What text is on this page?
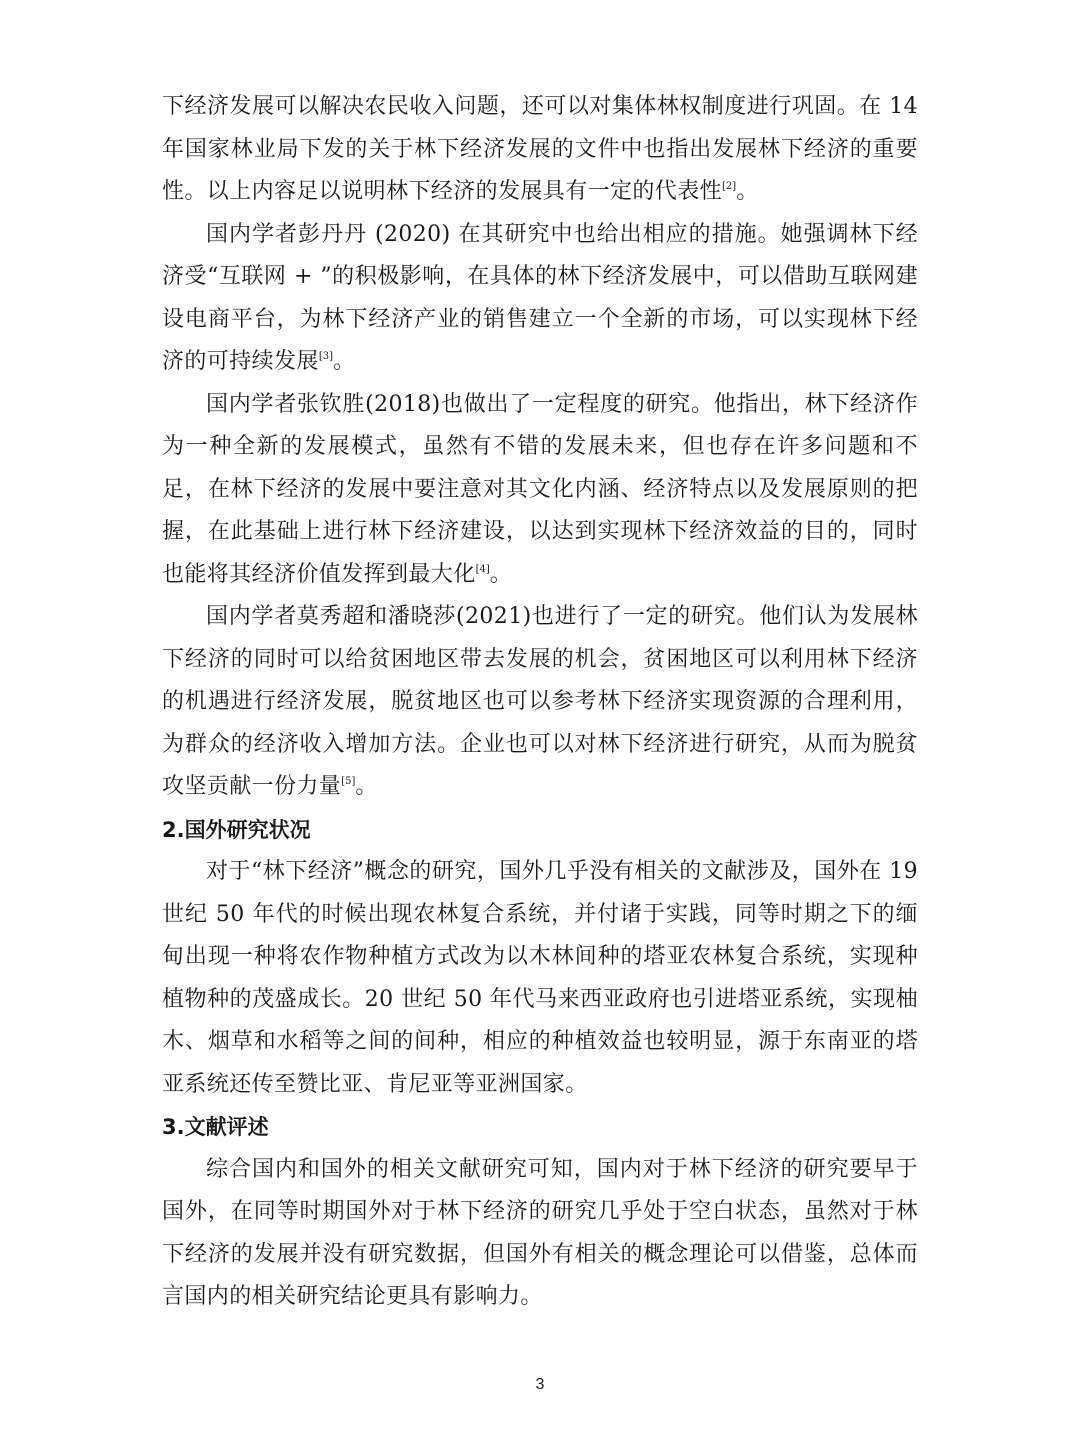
下经济发展可以解决农民收入问题，还可以对集体林权制度进行巩固。在 14 年国家林业局下发的关于林下经济发展的文件中也指出发展林下经济的重要性。以上内容足以说明林下经济的发展具有一定的代表性[2]。

国内学者彭丹丹 (2020) 在其研究中也给出相应的措施。她强调林下经济受“互联网 + ”的积极影响，在具体的林下经济发展中，可以借助互联网建设电商平台，为林下经济产业的销售建立一个全新的市场，可以实现林下经济的可持续发展[3]。

国内学者张钦胜(2018)也做出了一定程度的研究。他指出，林下经济作为一种全新的发展模式，虽然有不错的发展未来，但也存在许多问题和不足，在林下经济的发展中要注意对其文化内涵、经济特点以及发展原则的把握，在此基础上进行林下经济建设，以达到实现林下经济效益的目的，同时也能将其经济价值发挥到最大化[4]。

国内学者莫秀超和潘晓莎(2021)也进行了一定的研究。他们认为发展林下经济的同时可以给贫困地区带去发展的机会，贫困地区可以利用林下经济的机遇进行经济发展，脱贫地区也可以参考林下经济实现资源的合理利用，为群众的经济收入增加方法。企业也可以对林下经济进行研究，从而为脱贫攻坚贡献一份力量[5]。

2.国外研究状况

对于“林下经济”概念的研究，国外几乎没有相关的文献涉及，国外在 19 世纪 50 年代的时候出现农林复合系统，并付诸于实践，同等时期之下的缅甸出现一种将农作物种植方式改为以木林间种的塔亚农林复合系统，实现种植物种的茂盛成长。20 世纪 50 年代马来西亚政府也引进塔亚系统，实现柚木、烟草和水稻等之间的间种，相应的种植效益也较明显，源于东南亚的塔亚系统还传至赞比亚、肯尼亚等亚洲国家。

3.文献评述

综合国内和国外的相关文献研究可知，国内对于林下经济的研究要早于国外，在同等时期国外对于林下经济的研究几乎处于空白状态，虽然对于林下经济的发展并没有研究数据，但国外有相关的概念理论可以借鉴，总体而言国内的相关研究结论更具有影响力。

3
